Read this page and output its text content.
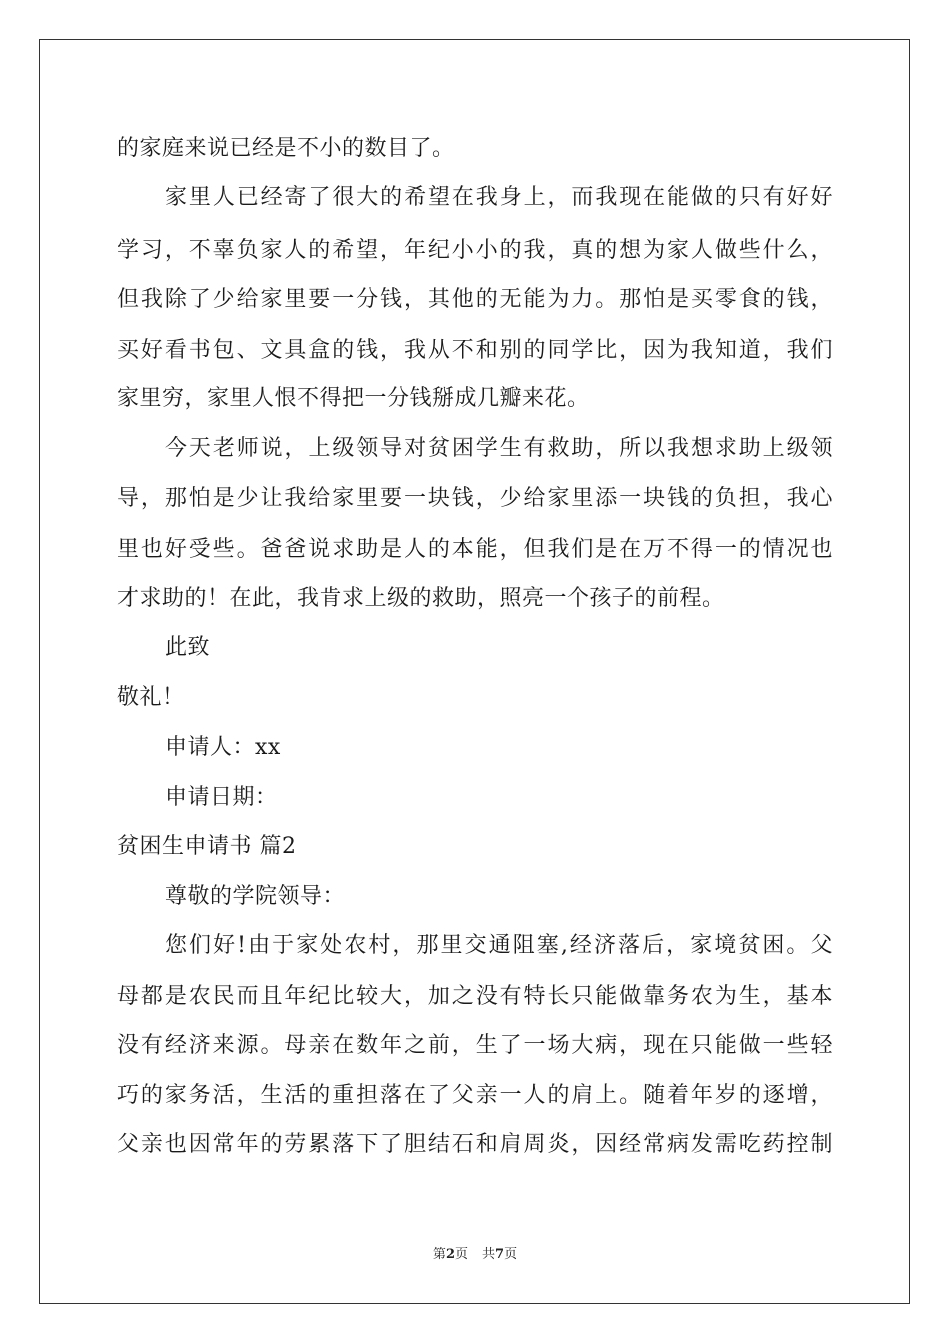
的家庭来说已经是不小的数目了。
家里人已经寄了很大的希望在我身上，而我现在能做的只有好好
学习，不辜负家人的希望，年纪小小的我，真的想为家人做些什么，
但我除了少给家里要一分钱，其他的无能为力。那怕是买零食的钱，
买好看书包、文具盒的钱，我从不和别的同学比，因为我知道，我们
家里穷，家里人恨不得把一分钱掰成几瓣来花。
今天老师说，上级领导对贫困学生有救助，所以我想求助上级领
导，那怕是少让我给家里要一块钱，少给家里添一块钱的负担，我心
里也好受些。爸爸说求助是人的本能，但我们是在万不得一的情况也
才求助的！在此，我肯求上级的救助，照亮一个孩子的前程。
此致
敬礼！
申请人：xx
申请日期：
贫困生申请书 篇2
尊敬的学院领导：
您们好!由于家处农村，那里交通阻塞,经济落后，家境贫困。父
母都是农民而且年纪比较大，加之没有特长只能做靠务农为生，基本
没有经济来源。母亲在数年之前，生了一场大病，现在只能做一些轻
巧的家务活，生活的重担落在了父亲一人的肩上。随着年岁的逐增，
父亲也因常年的劳累落下了胆结石和肩周炎，因经常病发需吃药控制
第2页 共7页
